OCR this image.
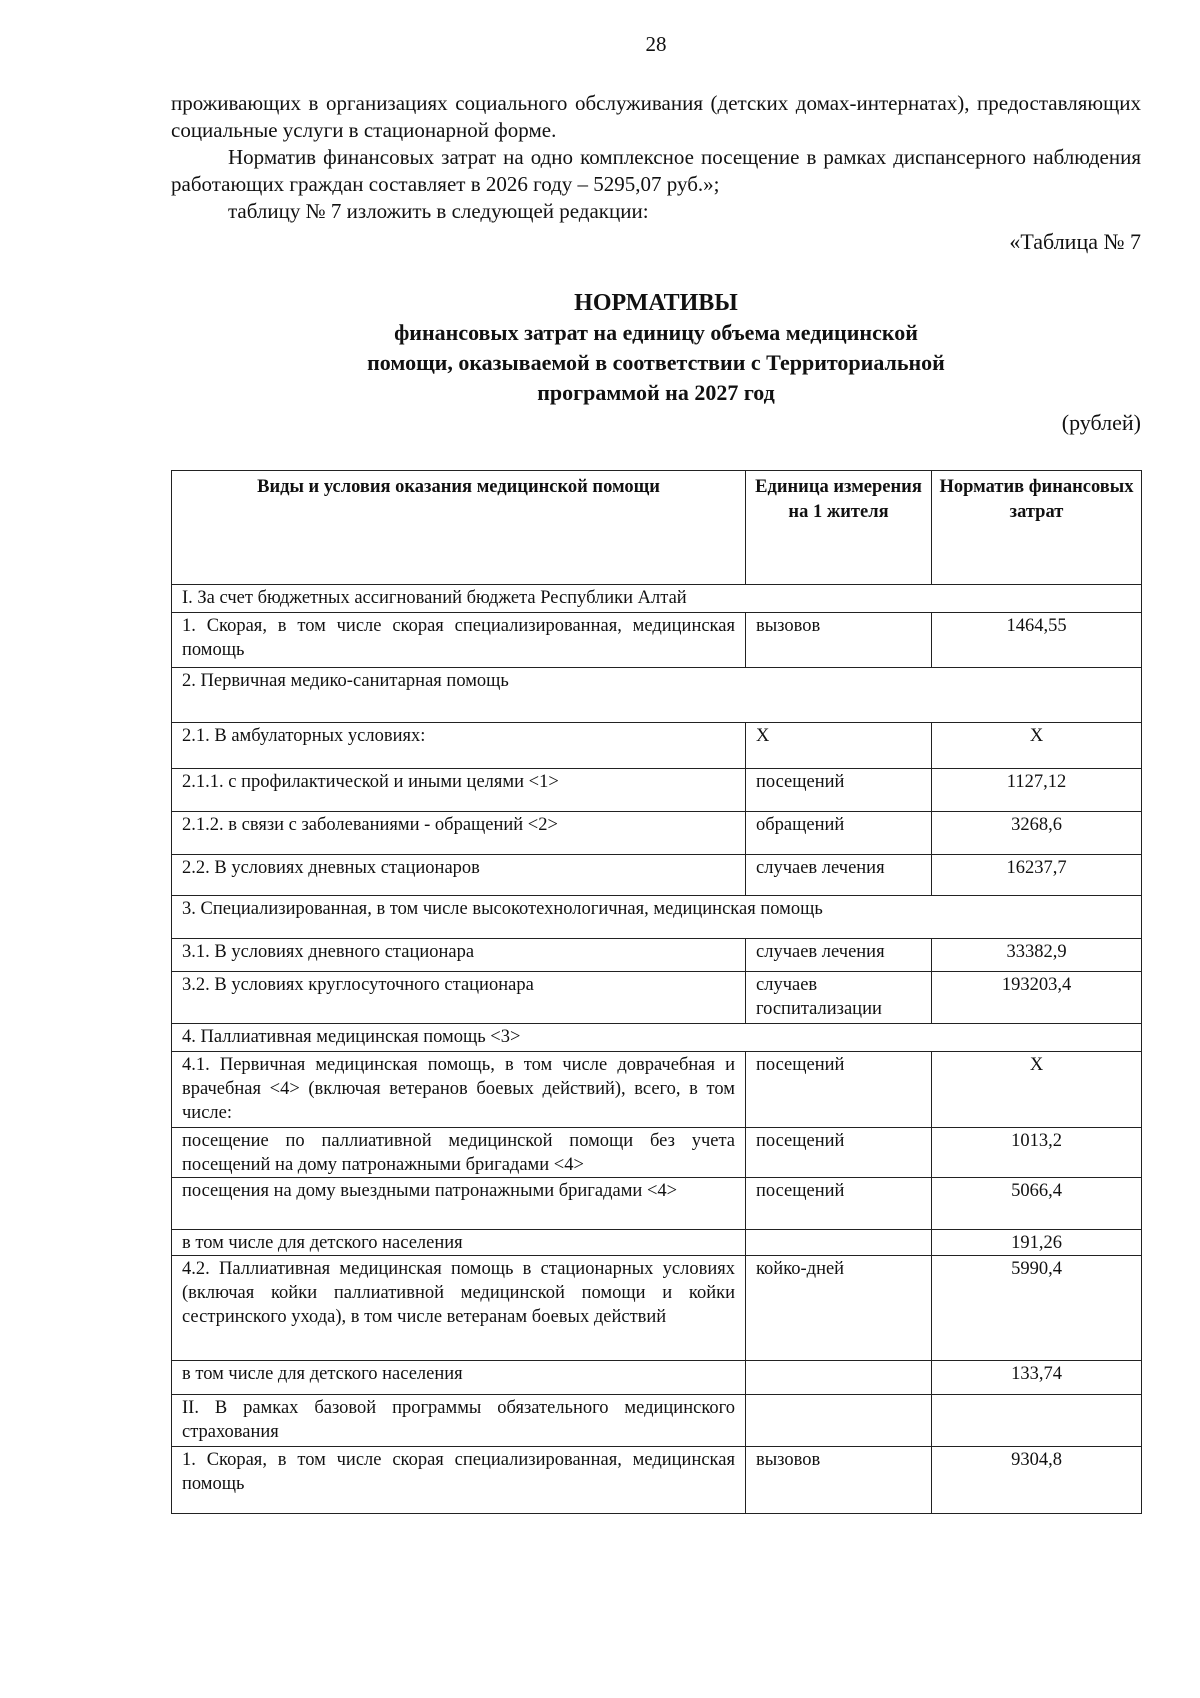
28

проживающих в организациях социального обслуживания (детских домах-интернатах), предоставляющих социальные услуги в стационарной форме.

Норматив финансовых затрат на одно комплексное посещение в рамках диспансерного наблюдения работающих граждан составляет в 2026 году – 5295,07 руб.»;

таблицу № 7 изложить в следующей редакции:

«Таблица № 7
НОРМАТИВЫ
финансовых затрат на единицу объема медицинской
помощи, оказываемой в соответствии с Территориальной
программой на 2027 год
(рублей)
Виды и условия оказания медицинской помощи	Единица измерения на 1 жителя	Норматив финансовых затрат
I. За счет бюджетных ассигнований бюджета Республики Алтай		
1. Скорая, в том числе скорая специализированная, медицинская помощь	вызовов	1464,55
2. Первичная медико-санитарная помощь		
2.1. В амбулаторных условиях:	Х	Х
2.1.1. с профилактической и иными целями <1>	посещений	1127,12
2.1.2. в связи с заболеваниями - обращений <2>	обращений	3268,6
2.2. В условиях дневных стационаров	случаев лечения	16237,7
3. Специализированная, в том числе высокотехнологичная, медицинская помощь		
3.1. В условиях дневного стационара	случаев лечения	33382,9
3.2. В условиях круглосуточного стационара	случаев госпитализации	193203,4
4. Паллиативная медицинская помощь <3>		
4.1. Первичная медицинская помощь, в том числе доврачебная и врачебная <4> (включая ветеранов боевых действий), всего, в том числе:	посещений	Х
посещение по паллиативной медицинской помощи без учета посещений на дому патронажными бригадами <4>	посещений	1013,2
посещения на дому выездными патронажными бригадами <4>	посещений	5066,4
в том числе для детского населения		191,26
4.2. Паллиативная медицинская помощь в стационарных условиях (включая койки паллиативной медицинской помощи и койки сестринского ухода), в том числе ветеранам боевых действий	койко-дней	5990,4
в том числе для детского населения		133,74
II. В рамках базовой программы обязательного медицинского страхования		
1. Скорая, в том числе скорая специализированная, медицинская помощь	вызовов	9304,8
